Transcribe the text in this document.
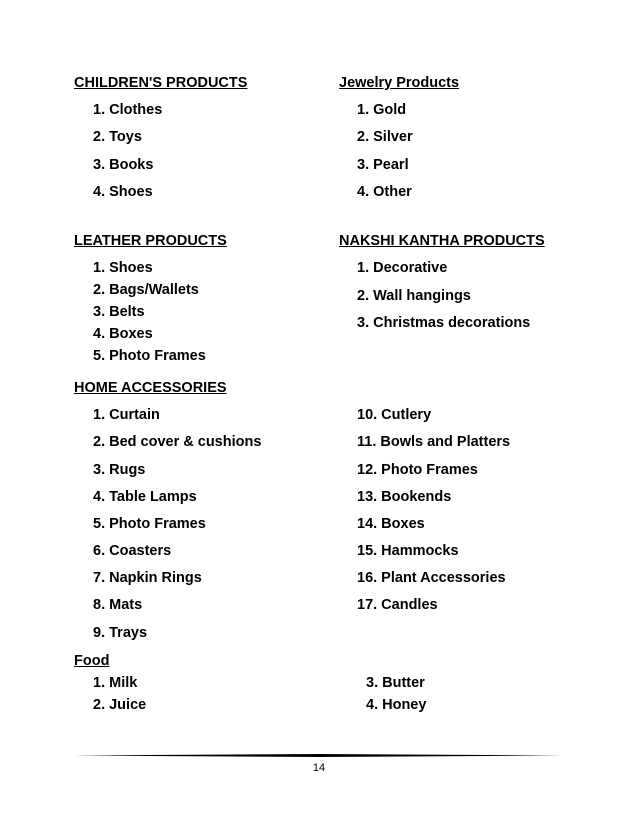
CHILDREN'S PRODUCTS
1. Clothes
2. Toys
3. Books
4. Shoes
Jewelry Products
1. Gold
2. Silver
3. Pearl
4. Other
LEATHER PRODUCTS
1. Shoes
2. Bags/Wallets
3. Belts
4. Boxes
5. Photo Frames
NAKSHI KANTHA PRODUCTS
1. Decorative
2. Wall hangings
3. Christmas decorations
HOME ACCESSORIES
1. Curtain
2. Bed cover & cushions
3. Rugs
4. Table Lamps
5. Photo Frames
6. Coasters
7. Napkin Rings
8. Mats
9. Trays
10. Cutlery
11. Bowls and Platters
12. Photo Frames
13. Bookends
14. Boxes
15. Hammocks
16. Plant Accessories
17. Candles
Food
1. Milk
2. Juice
3. Butter
4. Honey
14
